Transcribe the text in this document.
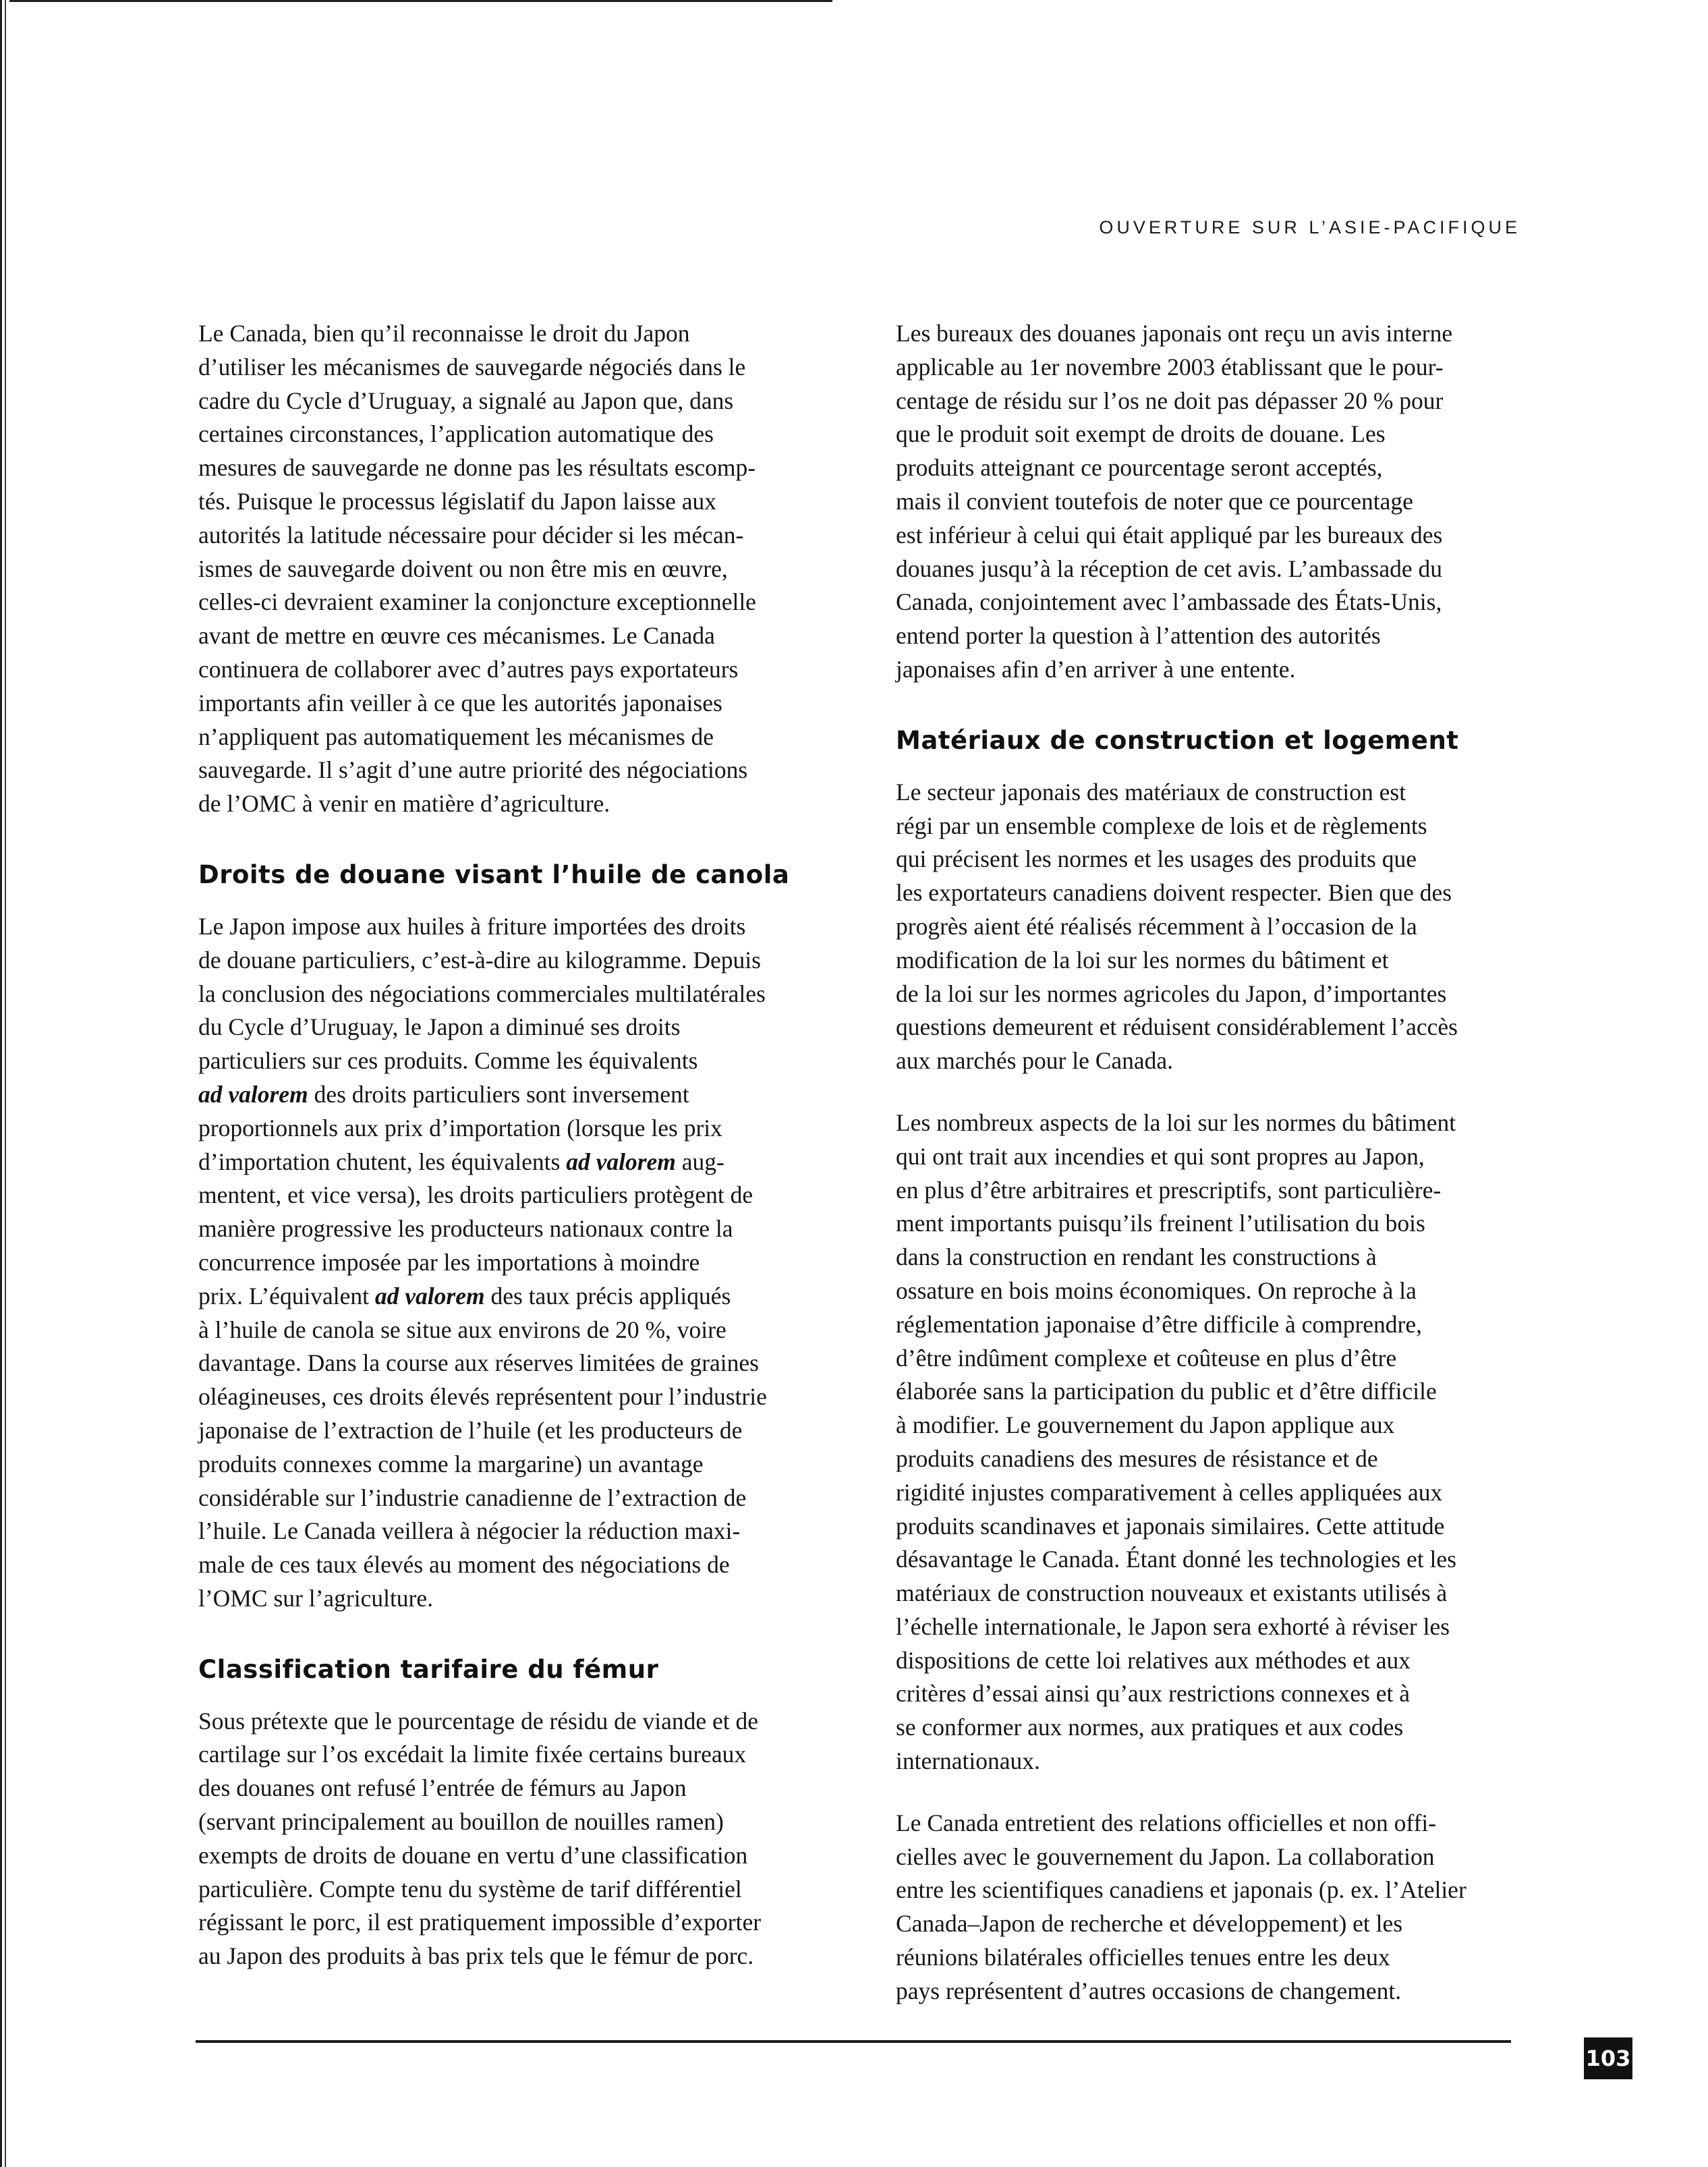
OUVERTURE SUR L’ASIE-PACIFIQUE

Le Canada, bien qu’il reconnaisse le droit du Japon
d’utiliser les mécanismes de sauvegarde négociés dans le
cadre du Cycle d’Uruguay, a signalé au Japon que, dans
certaines circonstances, l’application automatique des
mesures de sauvegarde ne donne pas les résultats escomp-
tés. Puisque le processus législatif du Japon laisse aux
autorités la latitude nécessaire pour décider si les mécan-
ismes de sauvegarde doivent ou non être mis en œuvre,
celles-ci devraient examiner la conjoncture exceptionnelle
avant de mettre en œuvre ces mécanismes. Le Canada
continuera de collaborer avec d’autres pays exportateurs
importants afin veiller à ce que les autorités japonaises
n’appliquent pas automatiquement les mécanismes de
sauvegarde. Il s’agit d’une autre priorité des négociations
de l’OMC à venir en matière d’agriculture.

Droits de douane visant l’huile de canola

Le Japon impose aux huiles à friture importées des droits
de douane particuliers, c’est-à-dire au kilogramme. Depuis
la conclusion des négociations commerciales multilatérales
du Cycle d’Uruguay, le Japon a diminué ses droits
particuliers sur ces produits. Comme les équivalents
ad valorem des droits particuliers sont inversement
proportionnels aux prix d’importation (lorsque les prix
d’importation chutent, les équivalents ad valorem aug-
mentent, et vice versa), les droits particuliers protègent de
manière progressive les producteurs nationaux contre la
concurrence imposée par les importations à moindre
prix. L’équivalent ad valorem des taux précis appliqués
à l’huile de canola se situe aux environs de 20 %, voire
davantage. Dans la course aux réserves limitées de graines
oléagineuses, ces droits élevés représentent pour l’industrie
japonaise de l’extraction de l’huile (et les producteurs de
produits connexes comme la margarine) un avantage
considérable sur l’industrie canadienne de l’extraction de
l’huile. Le Canada veillera à négocier la réduction maxi-
male de ces taux élevés au moment des négociations de
l’OMC sur l’agriculture.

Classification tarifaire du fémur

Sous prétexte que le pourcentage de résidu de viande et de
cartilage sur l’os excédait la limite fixée certains bureaux
des douanes ont refusé l’entrée de fémurs au Japon
(servant principalement au bouillon de nouilles ramen)
exempts de droits de douane en vertu d’une classification
particulière. Compte tenu du système de tarif différentiel
régissant le porc, il est pratiquement impossible d’exporter
au Japon des produits à bas prix tels que le fémur de porc.

Les bureaux des douanes japonais ont reçu un avis interne
applicable au 1er novembre 2003 établissant que le pour-
centage de résidu sur l’os ne doit pas dépasser 20 % pour
que le produit soit exempt de droits de douane. Les
produits atteignant ce pourcentage seront acceptés,
mais il convient toutefois de noter que ce pourcentage
est inférieur à celui qui était appliqué par les bureaux des
douanes jusqu’à la réception de cet avis. L’ambassade du
Canada, conjointement avec l’ambassade des États-Unis,
entend porter la question à l’attention des autorités
japonaises afin d’en arriver à une entente.

Matériaux de construction et logement

Le secteur japonais des matériaux de construction est
régi par un ensemble complexe de lois et de règlements
qui précisent les normes et les usages des produits que
les exportateurs canadiens doivent respecter. Bien que des
progrès aient été réalisés récemment à l’occasion de la
modification de la loi sur les normes du bâtiment et
de la loi sur les normes agricoles du Japon, d’importantes
questions demeurent et réduisent considérablement l’accès
aux marchés pour le Canada.

Les nombreux aspects de la loi sur les normes du bâtiment
qui ont trait aux incendies et qui sont propres au Japon,
en plus d’être arbitraires et prescriptifs, sont particulière-
ment importants puisqu’ils freinent l’utilisation du bois
dans la construction en rendant les constructions à
ossature en bois moins économiques. On reproche à la
réglementation japonaise d’être difficile à comprendre,
d’être indûment complexe et coûteuse en plus d’être
élaborée sans la participation du public et d’être difficile
à modifier. Le gouvernement du Japon applique aux
produits canadiens des mesures de résistance et de
rigidité injustes comparativement à celles appliquées aux
produits scandinaves et japonais similaires. Cette attitude
désavantage le Canada. Étant donné les technologies et les
matériaux de construction nouveaux et existants utilisés à
l’échelle internationale, le Japon sera exhorté à réviser les
dispositions de cette loi relatives aux méthodes et aux
critères d’essai ainsi qu’aux restrictions connexes et à
se conformer aux normes, aux pratiques et aux codes
internationaux.

Le Canada entretient des relations officielles et non offi-
cielles avec le gouvernement du Japon. La collaboration
entre les scientifiques canadiens et japonais (p. ex. l’Atelier
Canada–Japon de recherche et développement) et les
réunions bilatérales officielles tenues entre les deux
pays représentent d’autres occasions de changement.

103
